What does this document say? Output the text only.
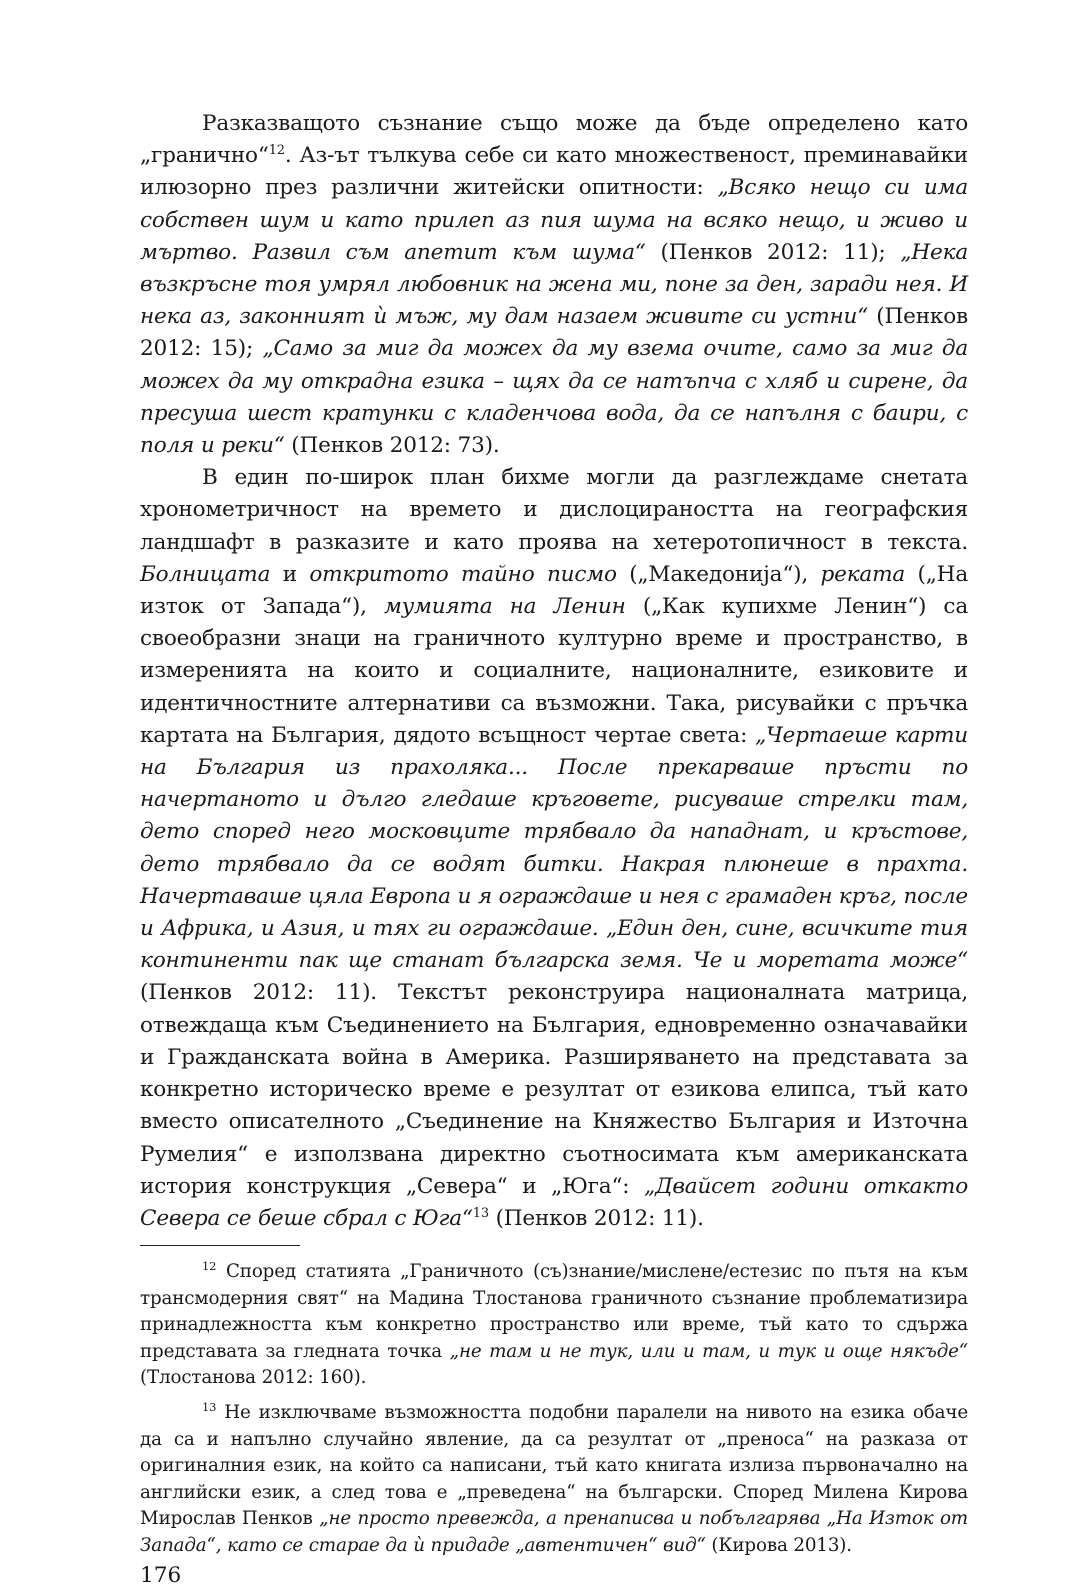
Разказващото съзнание също може да бъде определено като „гранично“$^{12}$. Аз-ът тълкува себе си като множественост, преминавайки илюзорно през различни житейски опитности: „Всяко нещо си има собствен шум и като прилеп аз пия шума на всяко нещо, и живо и мъртво. Развил съм апетит към шума“ (Пенков 2012: 11); „Нека възкръсне тоя умрял любовник на жена ми, поне за ден, заради нея. И нека аз, законният ѝ мъж, му дам назаем живите си устни“ (Пенков 2012: 15); „Само за миг да можех да му взема очите, само за миг да можех да му открадна езика – щях да се натъпча с хляб и сирене, да пресуша шест кратунки с кладенчова вода, да се напълня с баири, с поля и реки“ (Пенков 2012: 73).

В един по-широк план бихме могли да разглеждаме снетата хронометричност на времето и дислоцираността на географския ландшафт в разказите и като проява на хетеротопичност в текста. Болницата и откритото тайно писмо („Македонија“), реката („На изток от Запада“), мумията на Ленин („Как купихме Ленин“) са своеобразни знаци на граничното културно време и пространство, в измеренията на които и социалните, националните, езиковите и идентичностните алтернативи са възможни. Така, рисувайки с пръчка картата на България, дядото всъщност чертае света: „Чертаеше карти на България из прахоляка... После прекарваше пръсти по начертаното и дълго гледаше кръговете, рисуваше стрелки там, дето според него московците трябвало да нападнат, и кръстове, дето трябвало да се водят битки. Накрая плюнеше в прахта. Начертаваше цяла Европа и я ограждаше и нея с грамаден кръг, после и Африка, и Азия, и тях ги ограждаше. „Един ден, сине, всичките тия континенти пак ще станат българска земя. Че и моретата може“ (Пенков 2012: 11). Текстът реконструира националната матрица, отвеждаща към Съединението на България, едновременно означавайки и Гражданската война в Америка. Разширяването на представата за конкретно историческо време е резултат от езикова елипса, тъй като вместо описателното „Съединение на Княжество България и Източна Румелия“ е използвана директно съотносимата към американската история конструкция „Севера“ и „Юга“: „Двайсет години откакто Севера се беше сбрал с Юга“$^{13}$ (Пенков 2012: 11).

$^{12}$ Според статията „Граничното (съ)знание/мислене/естезис по пътя на към трансмодерния свят“ на Мадина Тлостанова граничното съзнание проблематизира принадлежността към конкретно пространство или време, тъй като то сдържа представата за гледната точка „не там и не тук, или и там, и тук и още някъде“ (Тлостанова 2012: 160).

$^{13}$ Не изключваме възможността подобни паралели на нивото на езика обаче да са и напълно случайно явление, да са резултат от „преноса“ на разказа от оригиналния език, на който са написани, тъй като книгата излиза първоначално на английски език, а след това е „преведена“ на български. Според Милена Кирова Мирослав Пенков „не просто превежда, а пренаписва и побългарява „На Изток от Запада“, като се старае да ѝ придаде „автентичен“ вид“ (Кирова 2013).

176
